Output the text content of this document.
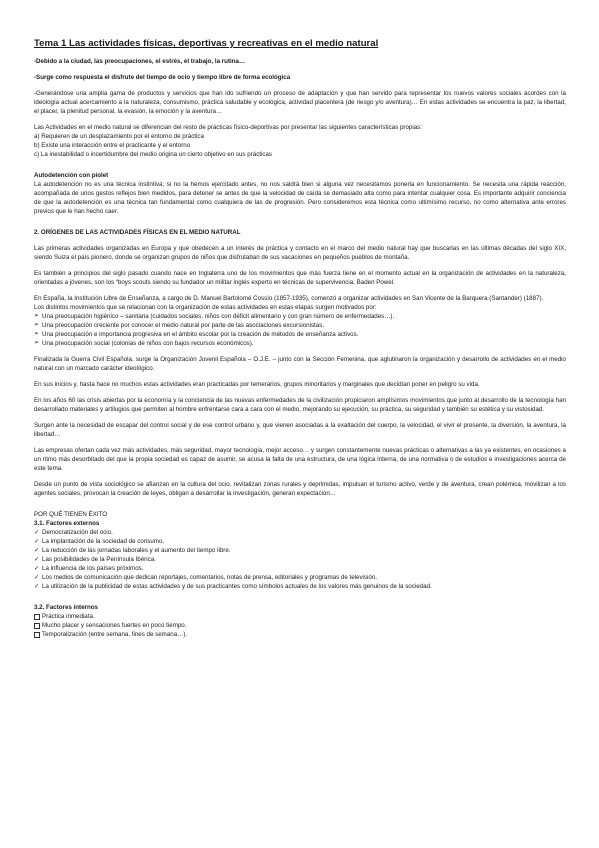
Tema 1 Las actividades físicas, deportivas y recreativas en el medio natural
-Debido a la ciudad, las preocupaciones, el estrés, el trabajo, la rutina…
-Surge como respuesta el disfrute del tiempo de ocio y tiempo libre de forma ecológica
-Generándose una amplia gama de productos y servicios que han ido sufriendo un proceso de adaptación y que han servido para representar los nuevos valores sociales acordes con la ideología actual acercamiento a la naturaleza, consumismo, práctica saludable y ecológica, actividad placentera (de riesgo y/o aventura)… En estas actividades se encuentra la paz, la libertad, el placer, la plenitud personal, la evasión, la emoción y la aventura…
Las Actividades en el medio natural se diferencian del resto de prácticas físico-deportivas por presentar las siguientes características propias:
a) Requieren de un desplazamiento por el entorno de práctica
b) Existe una interacción entre el practicante y el entorno
c) La inestabilidad o incertidumbre del medio origina un cierto objetivo en sus prácticas
Autodetención con piolet
La autodetención no es una técnica instintiva; si no la hemos ejercitado antes, no nos saldrá bien si alguna vez necesitamos ponerla en funcionamiento. Se necesita una rápida reacción, acompañada de unos gestos reflejos bien medidos, para detener se antes de que la velocidad de caída se demasiado alta como para intentar cualquier cosa. Es importante adquirir conciencia de que la autodetención es una técnica tan fundamental como cualquiera de las de progresión. Pero consideremos esta técnica como ultimísimo recurso, no como alternativa ante errores previos que le han hecho caer.
2. ORÍGENES DE LAS ACTIVIDADES FÍSICAS EN EL MEDIO NATURAL
Las primeras actividades organizadas en Europa y que obedecen a un interés de práctica y contacto en el marco del medio natural hay que buscarlas en las últimas décadas del siglo XIX, siendo Suiza el país pionero, donde se organizan grupos de niños que disfrutaban de sus vacaciones en pequeños pueblos de montaña.
Es también a principios del siglo pasado cuando nace en Inglaterra uno de los movimientos que más fuerza tiene en el momento actual en la organización de actividades en la naturaleza, orientadas a jóvenes, son los “boys scouts siendo su fundador un militar inglés experto en técnicas de supervivencia, Baden Powel.
En España, la Institución Libre de Enseñanza, a cargo de D. Manuel Bartolomé Cossío (1857-1935), comenzó a organizar actividades en San Vicente de la Barquera (Santander) (1887).
Los distintos movimientos que se relacionan con la organización de estas actividades en estas etapas surgen motivados por:
➢ Una preocupación higiénico – sanitaria (cuidados sociales, niños con déficit alimentario y con gran número de enfermedades…).
➢ Una preocupación creciente por conocer el medio natural por parte de las asociaciones excursionistas.
➢ Una preocupación e importancia progresiva en el ámbito escolar por la creación de métodos de enseñanza activos.
➢ Una preocupación social (colonias de niños con bajos recursos económicos).
Finalizada la Guerra Civil Española, surge la Organización Juvenil Española – O.J.E. – junto con la Sección Femenina, que aglutinaron la organización y desarrollo de actividades en el medio natural con un marcado carácter ideológico.
En sus inicios y, hasta hace no muchos estas actividades eran practicadas por temerarios, grupos minoritarios y marginales que decidían poner en peligro su vida.
En los años 60 las crisis abiertas por la economía y la conciencia de las nuevas enfermedades de la civilización propiciaron amplísimos movimientos que junto al desarrollo de la tecnología han desarrollado materiales y artilugios que permiten al hombre enfrentarse cara a cara con el medio, mejorando su ejecución, su práctica, su seguridad y también su estética y su vistosidad.
Surgen ante la necesidad de escapar del control social y de ese control urbano y, que vienen asociadas a la exaltación del cuerpo, la velocidad, el vivir el presente, la diversión, la aventura, la libertad…
Las empresas ofertan cada vez más actividades, más seguridad, mayor tecnología, mejor acceso… y surgen constantemente nuevas prácticas o alternativas a las ya existentes, en ocasiones a un ritmo más desorbitado del que la propia sociedad es capaz de asumir, se acusa la falta de una estructura, de una lógica interna, de una normativa o de estudios e investigaciones acerca de este tema.
Desde un punto de vista sociológico se afianzan en la cultura del ocio, revitalizan zonas rurales y deprimidas, impulsan el turismo activo, verde y de aventura, crean polémica, movilizan a los agentes sociales, provocan la creación de leyes, obligan a desarrollar la investigación, generan expectación…
POR QUÉ TIENEN ÉXITO
3.1. Factores externos
✓ Democratización del ocio.
✓ La implantación de la sociedad de consumo.
✓ La reducción de las jornadas laborales y el aumento del tiempo libre.
✓ Las posibilidades de la Península Ibérica.
✓ La influencia de los países próximos.
✓ Los medios de comunicación que dedican reportajes, comentarios, notas de prensa, editoriales y programas de televisión.
✓ La utilización de la publicidad de estas actividades y de sus practicantes como símbolos actuales de los valores más genuinos de la sociedad.
3.2. Factores internos
Práctica inmediata.
Mucho placer y sensaciones fuertes en poco tiempo.
Temporalización (entre semana, fines de semana…).
